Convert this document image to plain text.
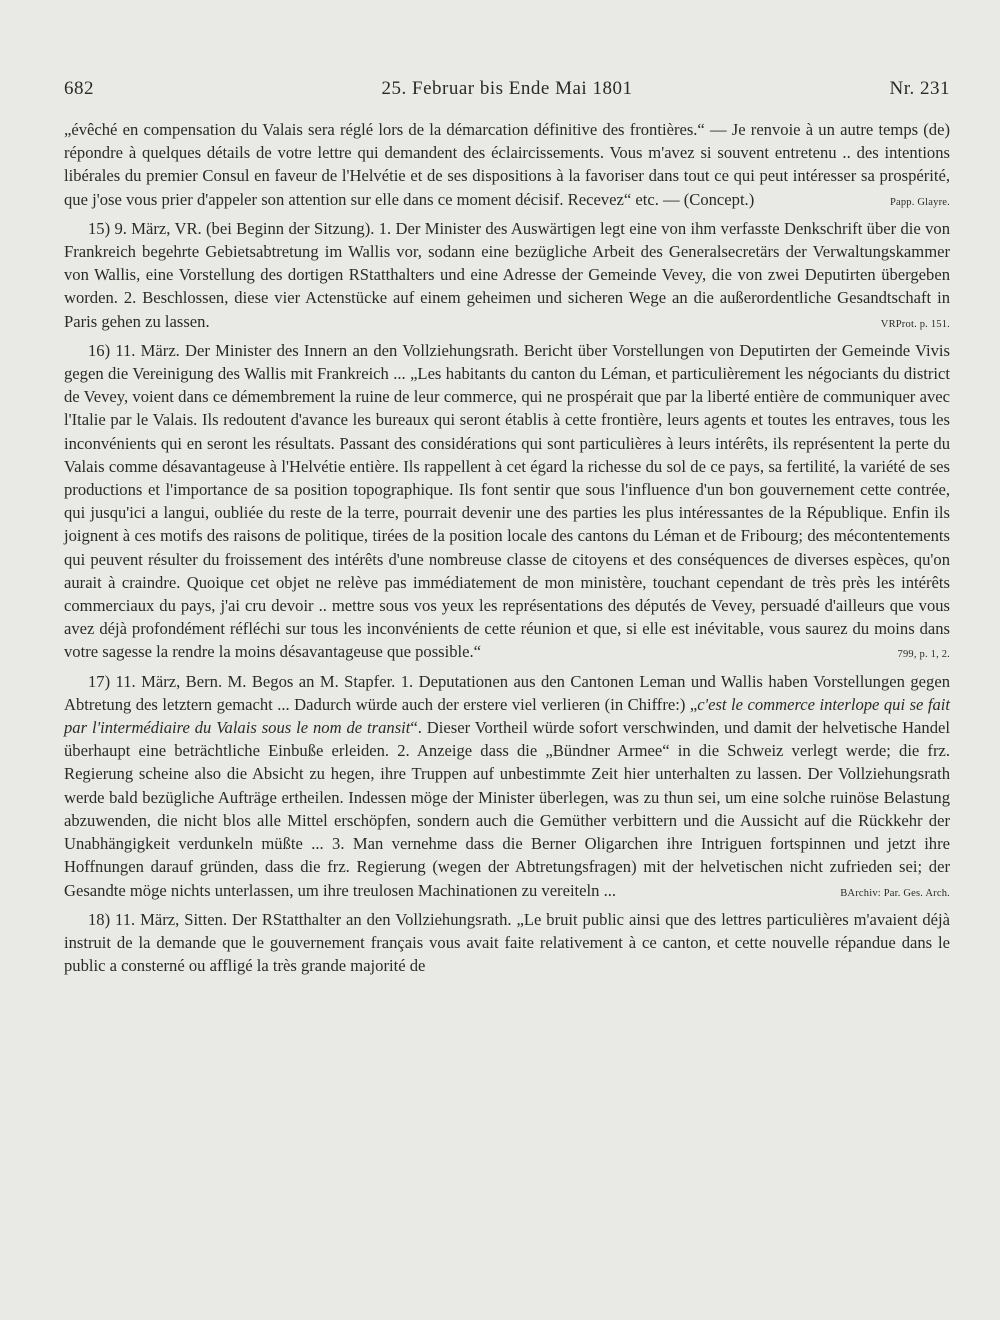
682	25. Februar bis Ende Mai 1801	Nr. 231

„évêché en compensation du Valais sera réglé lors de la démarcation définitive des frontières.“ — Je renvoie à un autre temps (de) répondre à quelques détails de votre lettre qui demandent des éclaircissements. Vous m'avez si souvent entretenu .. des intentions libérales du premier Consul en faveur de l'Helvétie et de ses dispositions à la favoriser dans tout ce qui peut intéresser sa prospérité, que j'ose vous prier d'appeler son attention sur elle dans ce moment décisif. Recevez“ etc. — (Concept.)	Papp. Glayre.

15) 9. März, VR. (bei Beginn der Sitzung). 1. Der Minister des Auswärtigen legt eine von ihm verfasste Denkschrift über die von Frankreich begehrte Gebietsabtretung im Wallis vor, sodann eine bezügliche Arbeit des Generalsecretärs der Verwaltungskammer von Wallis, eine Vorstellung des dortigen RStatthalters und eine Adresse der Gemeinde Vevey, die von zwei Deputirten übergeben worden. 2. Beschlossen, diese vier Actenstücke auf einem geheimen und sicheren Wege an die außerordentliche Gesandtschaft in Paris gehen zu lassen.	VRProt. p. 151.

16) 11. März. Der Minister des Innern an den Vollziehungsrath. Bericht über Vorstellungen von Deputirten der Gemeinde Vivis gegen die Vereinigung des Wallis mit Frankreich ... „Les habitants du canton du Léman, et particulièrement les négociants du district de Vevey, voient dans ce démembrement la ruine de leur commerce, qui ne prospérait que par la liberté entière de communiquer avec l'Italie par le Valais. Ils redoutent d'avance les bureaux qui seront établis à cette frontière, leurs agents et toutes les entraves, tous les inconvénients qui en seront les résultats. Passant des considérations qui sont particulières à leurs intérêts, ils représentent la perte du Valais comme désavantageuse à l'Helvétie entière. Ils rappellent à cet égard la richesse du sol de ce pays, sa fertilité, la variété de ses productions et l'importance de sa position topographique. Ils font sentir que sous l'influence d'un bon gouvernement cette contrée, qui jusqu'ici a langui, oubliée du reste de la terre, pourrait devenir une des parties les plus intéressantes de la République. Enfin ils joignent à ces motifs des raisons de politique, tirées de la position locale des cantons du Léman et de Fribourg; des mécontentements qui peuvent résulter du froissement des intérêts d'une nombreuse classe de citoyens et des conséquences de diverses espèces, qu'on aurait à craindre. Quoique cet objet ne relève pas immédiatement de mon ministère, touchant cependant de très près les intérêts commerciaux du pays, j'ai cru devoir .. mettre sous vos yeux les représentations des députés de Vevey, persuadé d'ailleurs que vous avez déjà profondément réfléchi sur tous les inconvénients de cette réunion et que, si elle est inévitable, vous saurez du moins dans votre sagesse la rendre la moins désavantageuse que possible.“	799, p. 1, 2.

17) 11. März, Bern. M. Begos an M. Stapfer. 1. Deputationen aus den Cantonen Leman und Wallis haben Vorstellungen gegen Abtretung des letztern gemacht ... Dadurch würde auch der erstere viel verlieren (in Chiffre:) „c'est le commerce interlope qui se fait par l'intermédiaire du Valais sous le nom de transit“. Dieser Vortheil würde sofort verschwinden, und damit der helvetische Handel überhaupt eine beträchtliche Einbuße erleiden. 2. Anzeige dass die „Bündner Armee“ in die Schweiz verlegt werde; die frz. Regierung scheine also die Absicht zu hegen, ihre Truppen auf unbestimmte Zeit hier unterhalten zu lassen. Der Vollziehungsrath werde bald bezügliche Aufträge ertheilen. Indessen möge der Minister überlegen, was zu thun sei, um eine solche ruinöse Belastung abzuwenden, die nicht blos alle Mittel erschöpfen, sondern auch die Gemüther verbittern und die Aussicht auf die Rückkehr der Unabhängigkeit verdunkeln müßte ... 3. Man vernehme dass die Berner Oligarchen ihre Intriguen fortspinnen und jetzt ihre Hoffnungen darauf gründen, dass die frz. Regierung (wegen der Abtretungsfragen) mit der helvetischen nicht zufrieden sei; der Gesandte möge nichts unterlassen, um ihre treulosen Machinationen zu vereiteln ...	BArchiv: Par. Ges. Arch.

18) 11. März, Sitten. Der RStatthalter an den Vollziehungsrath. „Le bruit public ainsi que des lettres particulières m'avaient déjà instruit de la demande que le gouvernement français vous avait faite relativement à ce canton, et cette nouvelle répandue dans le public a consterné ou affligé la très grande majorité de
